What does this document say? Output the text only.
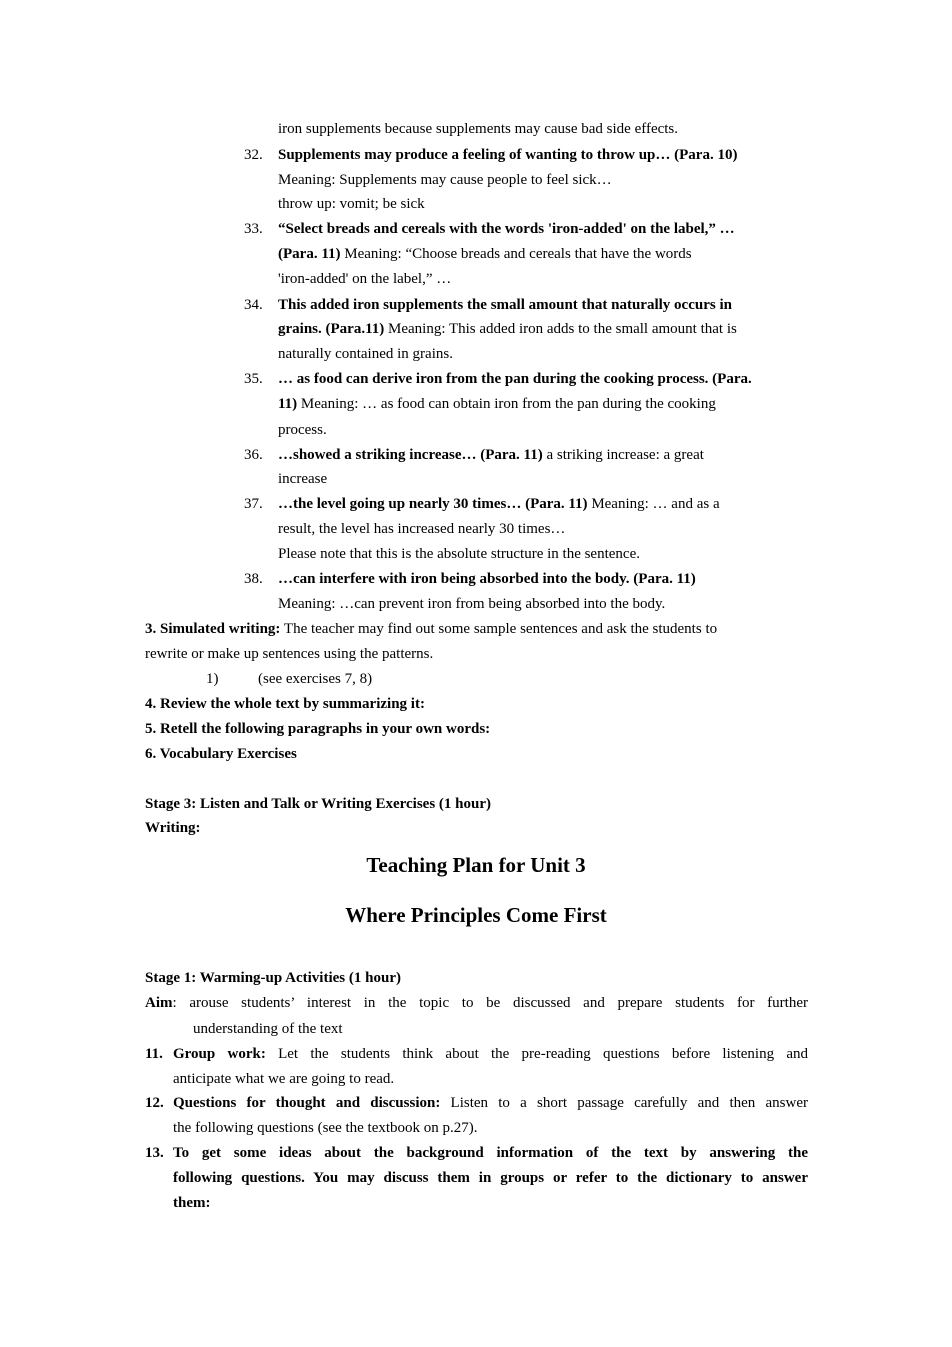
iron supplements because supplements may cause bad side effects.
32. Supplements may produce a feeling of wanting to throw up… (Para. 10)
Meaning: Supplements may cause people to feel sick…
throw up: vomit; be sick
33. “Select breads and cereals with the words 'iron-added' on the label,” …
(Para. 11) Meaning: “Choose breads and cereals that have the words
'iron-added' on the label,” …
34. This added iron supplements the small amount that naturally occurs in
grains. (Para.11) Meaning: This added iron adds to the small amount that is
naturally contained in grains.
35. … as food can derive iron from the pan during the cooking process. (Para.
11) Meaning: … as food can obtain iron from the pan during the cooking
process.
36. …showed a striking increase… (Para. 11) a striking increase: a great
increase
37. …the level going up nearly 30 times… (Para. 11) Meaning: … and as a
result, the level has increased nearly 30 times…
Please note that this is the absolute structure in the sentence.
38. …can interfere with iron being absorbed into the body. (Para. 11)
Meaning: …can prevent iron from being absorbed into the body.
3. Simulated writing: The teacher may find out some sample sentences and ask the students to
rewrite or make up sentences using the patterns.
1)	(see exercises 7, 8)
4. Review the whole text by summarizing it:
5. Retell the following paragraphs in your own words:
6. Vocabulary Exercises
Stage 3: Listen and Talk or Writing Exercises (1 hour)
Writing:
Teaching Plan for Unit 3
Where Principles Come First
Stage 1: Warming-up Activities (1 hour)
Aim: arouse students’ interest in the topic to be discussed and prepare students for further
understanding of the text
11. Group work: Let the students think about the pre-reading questions before listening and
anticipate what we are going to read.
12. Questions for thought and discussion: Listen to a short passage carefully and then answer
the following questions (see the textbook on p.27).
13. To get some ideas about the background information of the text by answering the
following questions. You may discuss them in groups or refer to the dictionary to answer
them:
